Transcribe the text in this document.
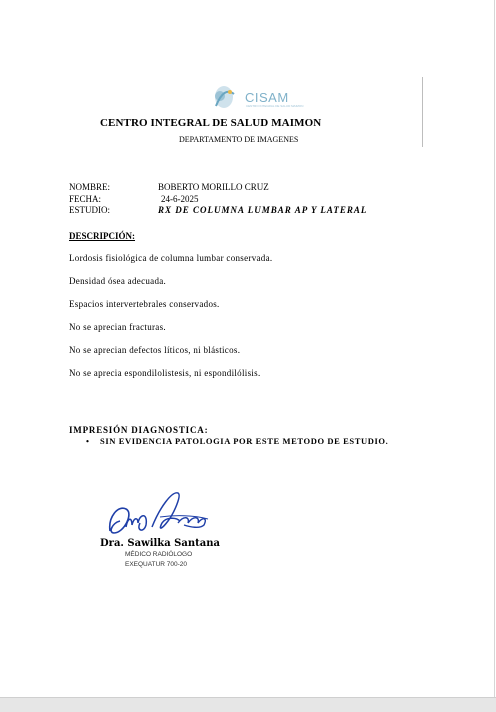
CISAM
CENTRO INTEGRAL DE SALUD MAIMON
CENTRO INTEGRAL DE SALUD MAIMON
DEPARTAMENTO DE IMAGENES
NOMBRE:	BOBERTO MORILLO CRUZ
FECHA:	24-6-2025
ESTUDIO:	RX DE COLUMNA LUMBAR AP Y LATERAL
DESCRIPCIÓN:
Lordosis fisiológica de columna lumbar conservada.
Densidad ósea adecuada.
Espacios intervertebrales conservados.
No se aprecian fracturas.
No se aprecian defectos líticos, ni blásticos.
No se aprecia espondilolistesis, ni espondilólisis.
IMPRESIÓN DIAGNOSTICA:
• SIN EVIDENCIA PATOLOGIA POR ESTE METODO DE ESTUDIO.
Dra. Sawilka Santana
MÉDICO RADIÓLOGO
EXEQUATUR 700-20
